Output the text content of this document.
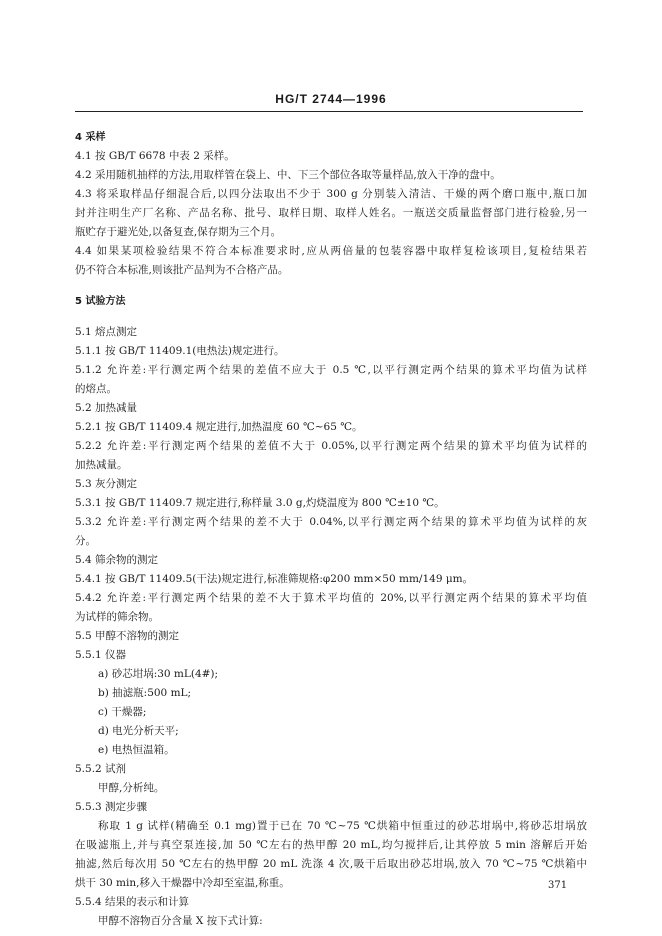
HG/T 2744—1996
4 采样
4.1 按 GB/T 6678 中表 2 采样。
4.2 采用随机抽样的方法,用取样管在袋上、中、下三个部位各取等量样品,放入干净的盘中。
4.3 将采取样品仔细混合后,以四分法取出不少于 300 g 分别装入清洁、干燥的两个磨口瓶中,瓶口加
封并注明生产厂名称、产品名称、批号、取样日期、取样人姓名。一瓶送交质量监督部门进行检验,另一
瓶贮存于避光处,以备复查,保存期为三个月。
4.4 如果某项检验结果不符合本标准要求时,应从两倍量的包装容器中取样复检该项目,复检结果若
仍不符合本标准,则该批产品判为不合格产品。
5 试验方法
5.1 熔点测定
5.1.1 按 GB/T 11409.1(电热法)规定进行。
5.1.2 允许差:平行测定两个结果的差值不应大于 0.5 ℃,以平行测定两个结果的算术平均值为试样
的熔点。
5.2 加热减量
5.2.1 按 GB/T 11409.4 规定进行,加热温度 60 ℃~65 ℃。
5.2.2 允许差:平行测定两个结果的差值不大于 0.05%,以平行测定两个结果的算术平均值为试样的
加热减量。
5.3 灰分测定
5.3.1 按 GB/T 11409.7 规定进行,称样量 3.0 g,灼烧温度为 800 ℃±10 ℃。
5.3.2 允许差:平行测定两个结果的差不大于 0.04%,以平行测定两个结果的算术平均值为试样的灰
分。
5.4 筛余物的测定
5.4.1 按 GB/T 11409.5(干法)规定进行,标准筛规格:φ200 mm×50 mm/149 μm。
5.4.2 允许差:平行测定两个结果的差不大于算术平均值的 20%,以平行测定两个结果的算术平均值
为试样的筛余物。
5.5 甲醇不溶物的测定
5.5.1 仪器
a) 砂芯坩埚:30 mL(4#);
b) 抽滤瓶:500 mL;
c) 干燥器;
d) 电光分析天平;
e) 电热恒温箱。
5.5.2 试剂
甲醇,分析纯。
5.5.3 测定步骤
称取 1 g 试样(精确至 0.1 mg)置于已在 70 ℃~75 ℃烘箱中恒重过的砂芯坩埚中,将砂芯坩埚放
在吸滤瓶上,并与真空泵连接,加 50 ℃左右的热甲醇 20 mL,均匀搅拌后,让其停放 5 min 溶解后开始
抽滤,然后每次用 50 ℃左右的热甲醇 20 mL 洗涤 4 次,吸干后取出砂芯坩埚,放入 70 ℃~75 ℃烘箱中
烘干 30 min,移入干燥器中冷却至室温,称重。
5.5.4 结果的表示和计算
甲醇不溶物百分含量 X 按下式计算:
371
